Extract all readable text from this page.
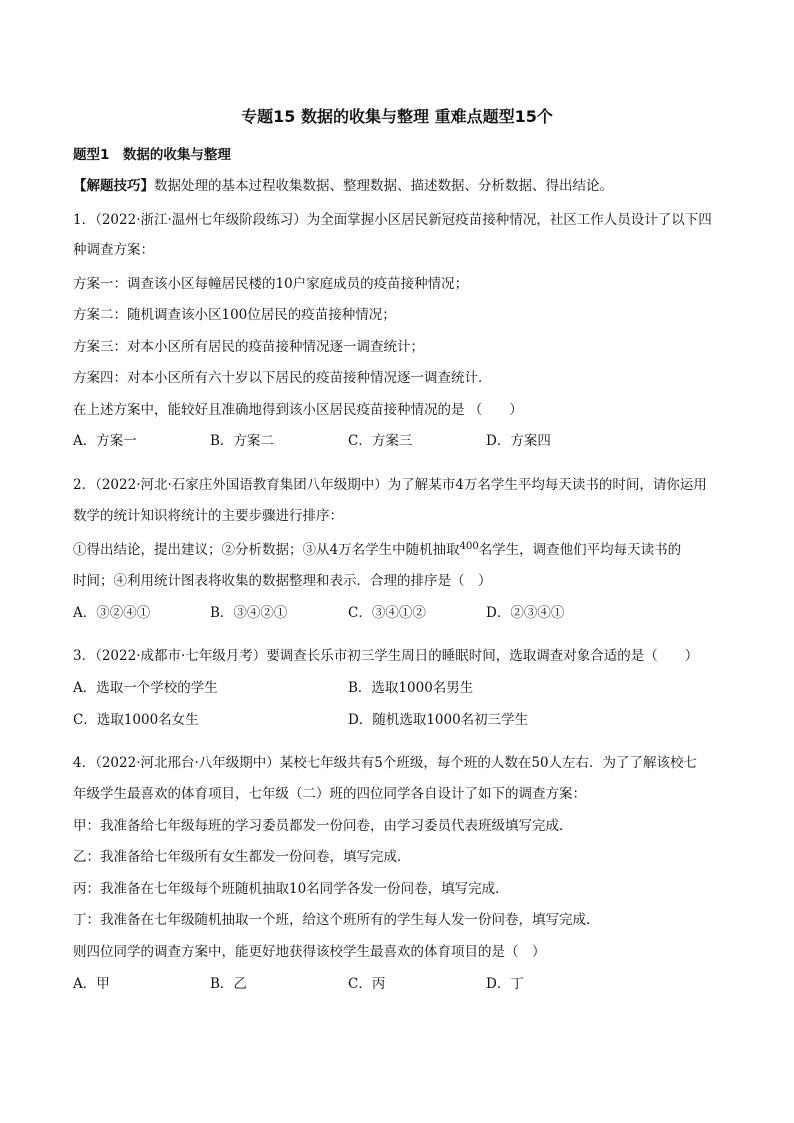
专题15 数据的收集与整理 重难点题型15个
题型1　数据的收集与整理
【解题技巧】数据处理的基本过程收集数据、整理数据、描述数据、分析数据、得出结论。
1．（2022·浙江·温州七年级阶段练习）为全面掌握小区居民新冠疫苗接种情况，社区工作人员设计了以下四
种调查方案：
方案一：调查该小区每幢居民楼的10户家庭成员的疫苗接种情况；
方案二：随机调查该小区100位居民的疫苗接种情况；
方案三：对本小区所有居民的疫苗接种情况逐一调查统计；
方案四：对本小区所有六十岁以下居民的疫苗接种情况逐一调查统计．
在上述方案中，能较好且准确地得到该小区居民疫苗接种情况的是 （　　）
A．方案一	B．方案二	C．方案三	D．方案四
2．（2022·河北·石家庄外国语教育集团八年级期中）为了解某市4万名学生平均每天读书的时间，请你运用
数学的统计知识将统计的主要步骤进行排序：
①得出结论，提出建议；②分析数据；③从4万名学生中随机抽取$^{400}$名学生，调查他们平均每天读书的
时间；④利用统计图表将收集的数据整理和表示．合理的排序是（　）
A．③②④①	B．③④②①	C．③④①②	D．②③④①
3．（2022·成都市·七年级月考）要调查长乐市初三学生周日的睡眠时间，选取调查对象合适的是（　　）
A．选取一个学校的学生	B．选取1000名男生
C．选取1000名女生	D．随机选取1000名初三学生
4．（2022·河北邢台·八年级期中）某校七年级共有5个班级，每个班的人数在50人左右．为了了解该校七
年级学生最喜欢的体育项目，七年级（二）班的四位同学各自设计了如下的调查方案：
甲：我准备给七年级每班的学习委员都发一份问卷，由学习委员代表班级填写完成．
乙：我准备给七年级所有女生都发一份问卷，填写完成．
丙：我准备在七年级每个班随机抽取10名同学各发一份问卷，填写完成．
丁：我准备在七年级随机抽取一个班，给这个班所有的学生每人发一份问卷，填写完成．
则四位同学的调查方案中，能更好地获得该校学生最喜欢的体育项目的是（　）
A．甲	B．乙	C．丙	D．丁
